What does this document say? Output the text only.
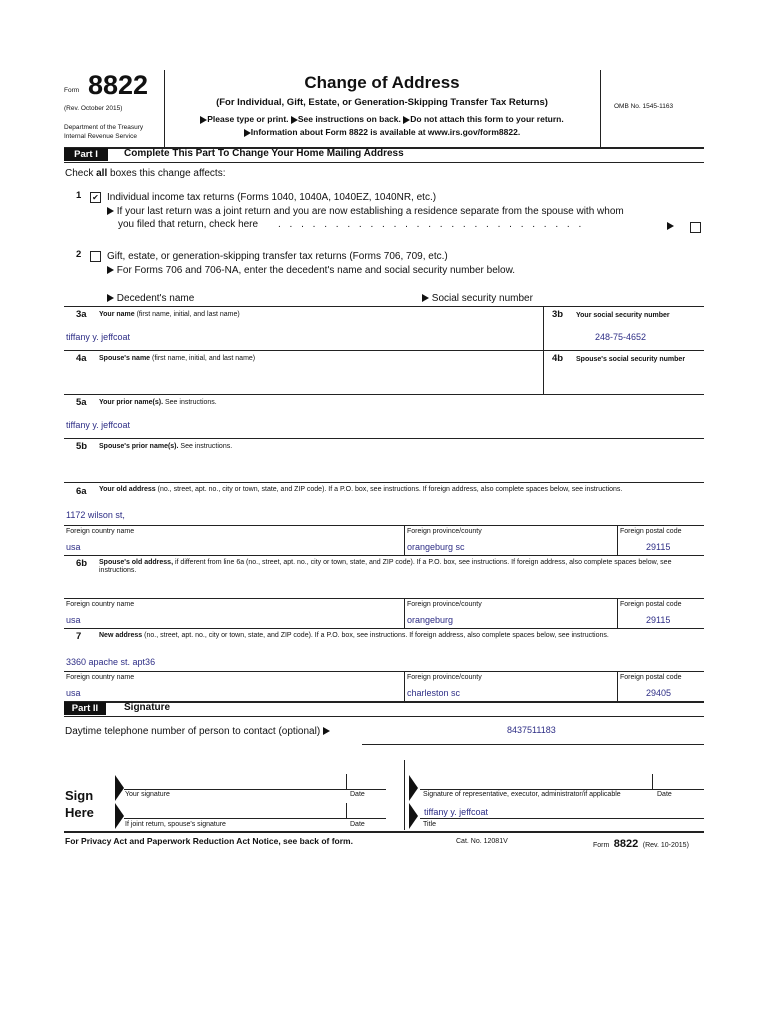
Form 8822
(Rev. October 2015)
Department of the Treasury
Internal Revenue Service
Change of Address
(For Individual, Gift, Estate, or Generation-Skipping Transfer Tax Returns)
Please type or print. See instructions on back. Do not attach this form to your return.
Information about Form 8822 is available at www.irs.gov/form8822.
OMB No. 1545-1163
Part I	Complete This Part To Change Your Home Mailing Address
Check all boxes this change affects:
1 ✔ Individual income tax returns (Forms 1040, 1040A, 1040EZ, 1040NR, etc.)
If your last return was a joint return and you are now establishing a residence separate from the spouse with whom
you filed that return, check here . . . . . . . . . . . . . . . . . . . . . . . . . . .
2	Gift, estate, or generation-skipping transfer tax returns (Forms 706, 709, etc.)
For Forms 706 and 706-NA, enter the decedent's name and social security number below.
Decedent's name	Social security number
3a Your name (first name, initial, and last name)
tiffany y. jeffcoat
3b Your social security number
248-75-4652
4a Spouse's name (first name, initial, and last name)	4b Spouse's social security number
5a Your prior name(s). See instructions.
tiffany y. jeffcoat
5b Spouse's prior name(s). See instructions.
6a Your old address (no., street, apt. no., city or town, state, and ZIP code). If a P.O. box, see instructions. If foreign address, also complete spaces below, see instructions.
1172 wilson st,
Foreign country name	Foreign province/county	Foreign postal code
usa	orangeburg sc	29115
6b Spouse's old address, if different from line 6a (no., street, apt. no., city or town, state, and ZIP code). If a P.O. box, see instructions. If foreign address, also complete spaces below, see instructions.
Foreign country name	Foreign province/county	Foreign postal code
usa	orangeburg	29115
7	New address (no., street, apt. no., city or town, state, and ZIP code). If a P.O. box, see instructions. If foreign address, also complete spaces below, see instructions.
3360 apache st. apt36
Foreign country name	Foreign province/county	Foreign postal code
usa	charleston sc	29405
Part II	Signature
Daytime telephone number of person to contact (optional)	8437511183
Sign
Here
Your signature	Date
If joint return, spouse's signature	Date
Signature of representative, executor, administrator/if applicable	Date
tiffany y. jeffcoat
Title
For Privacy Act and Paperwork Reduction Act Notice, see back of form.	Cat. No. 12081V
Form 8822 (Rev. 10-2015)
